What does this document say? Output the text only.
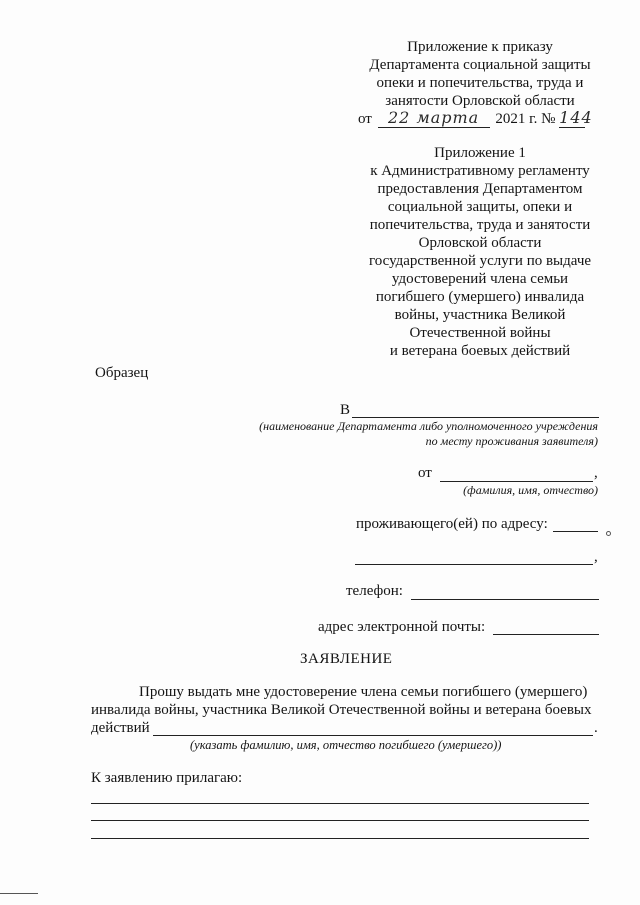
Приложение к приказу
Департамента социальной защиты
опеки и попечительства, труда и
занятости Орловской области
от 22 марта 2021 г. № 144
Приложение 1
к Административному регламенту
предоставления Департаментом
социальной защиты, опеки и
попечительства, труда и занятости
Орловской области
государственной услуги по выдаче
удостоверений члена семьи
погибшего (умершего) инвалида
войны, участника Великой
Отечественной войны
и ветерана боевых действий
Образец
В
(наименование Департамента либо уполномоченного учреждения
по месту проживания заявителя)
от	,
(фамилия, имя, отчество)
проживающего(ей) по адресу:
,
телефон:
адрес электронной почты:
ЗАЯВЛЕНИЕ
Прошу выдать мне удостоверение члена семьи погибшего (умершего)
инвалида войны, участника Великой Отечественной войны и ветерана боевых
действий	.
(указать фамилию, имя, отчество погибшего (умершего))
К заявлению прилагаю:
